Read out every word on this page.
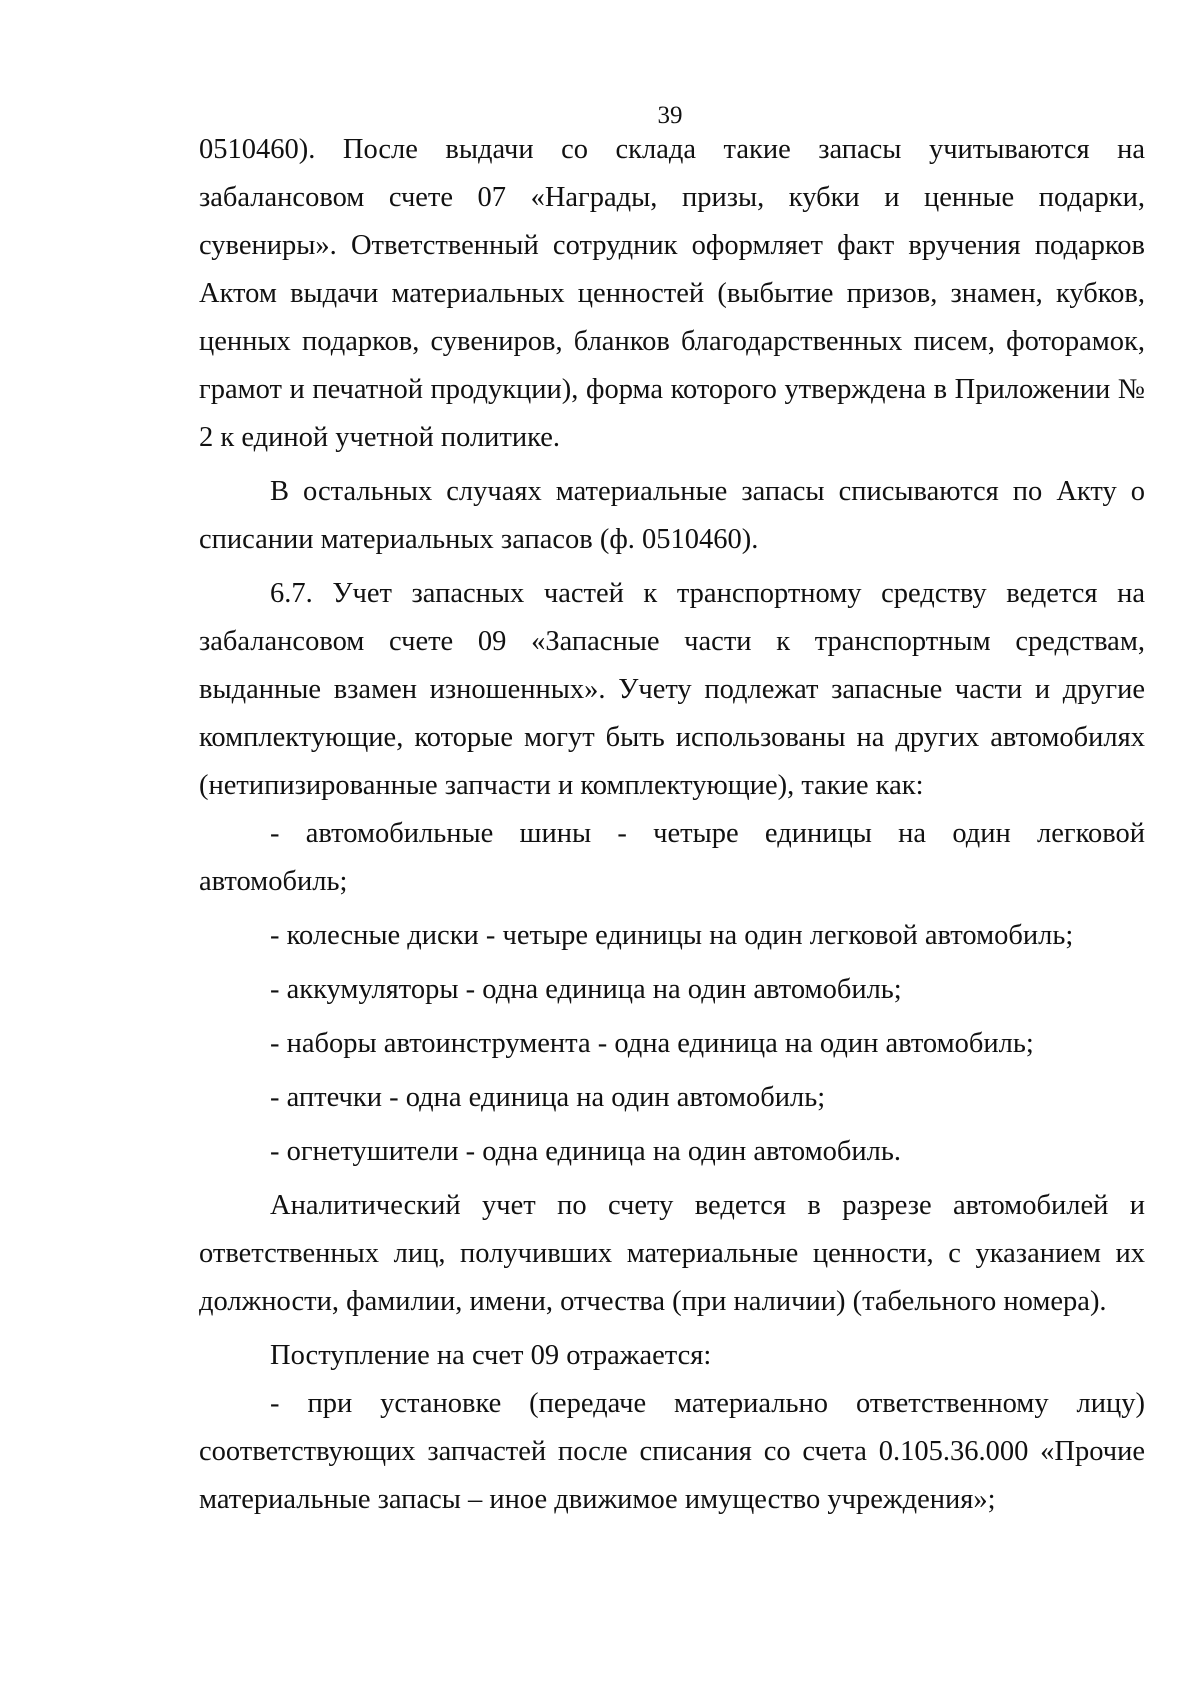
39

0510460). После выдачи со склада такие запасы учитываются на забалансовом счете 07 «Награды, призы, кубки и ценные подарки, сувениры». Ответственный сотрудник оформляет факт вручения подарков Актом выдачи материальных ценностей (выбытие призов, знамен, кубков, ценных подарков, сувениров, бланков благодарственных писем, фоторамок, грамот и печатной продукции), форма которого утверждена в Приложении № 2 к единой учетной политике.

В остальных случаях материальные запасы списываются по Акту о списании материальных запасов (ф. 0510460).

6.7. Учет запасных частей к транспортному средству ведется на забалансовом счете 09 «Запасные части к транспортным средствам, выданные взамен изношенных». Учету подлежат запасные части и другие комплектующие, которые могут быть использованы на других автомобилях (нетипизированные запчасти и комплектующие), такие как:

- автомобильные шины - четыре единицы на один легковой автомобиль;

- колесные диски - четыре единицы на один легковой автомобиль;

- аккумуляторы - одна единица на один автомобиль;

- наборы автоинструмента - одна единица на один автомобиль;

- аптечки - одна единица на один автомобиль;

- огнетушители - одна единица на один автомобиль.

Аналитический учет по счету ведется в разрезе автомобилей и ответственных лиц, получивших материальные ценности, с указанием их должности, фамилии, имени, отчества (при наличии) (табельного номера).

Поступление на счет 09 отражается:

- при установке (передаче материально ответственному лицу) соответствующих запчастей после списания со счета 0.105.36.000 «Прочие материальные запасы – иное движимое имущество учреждения»;
